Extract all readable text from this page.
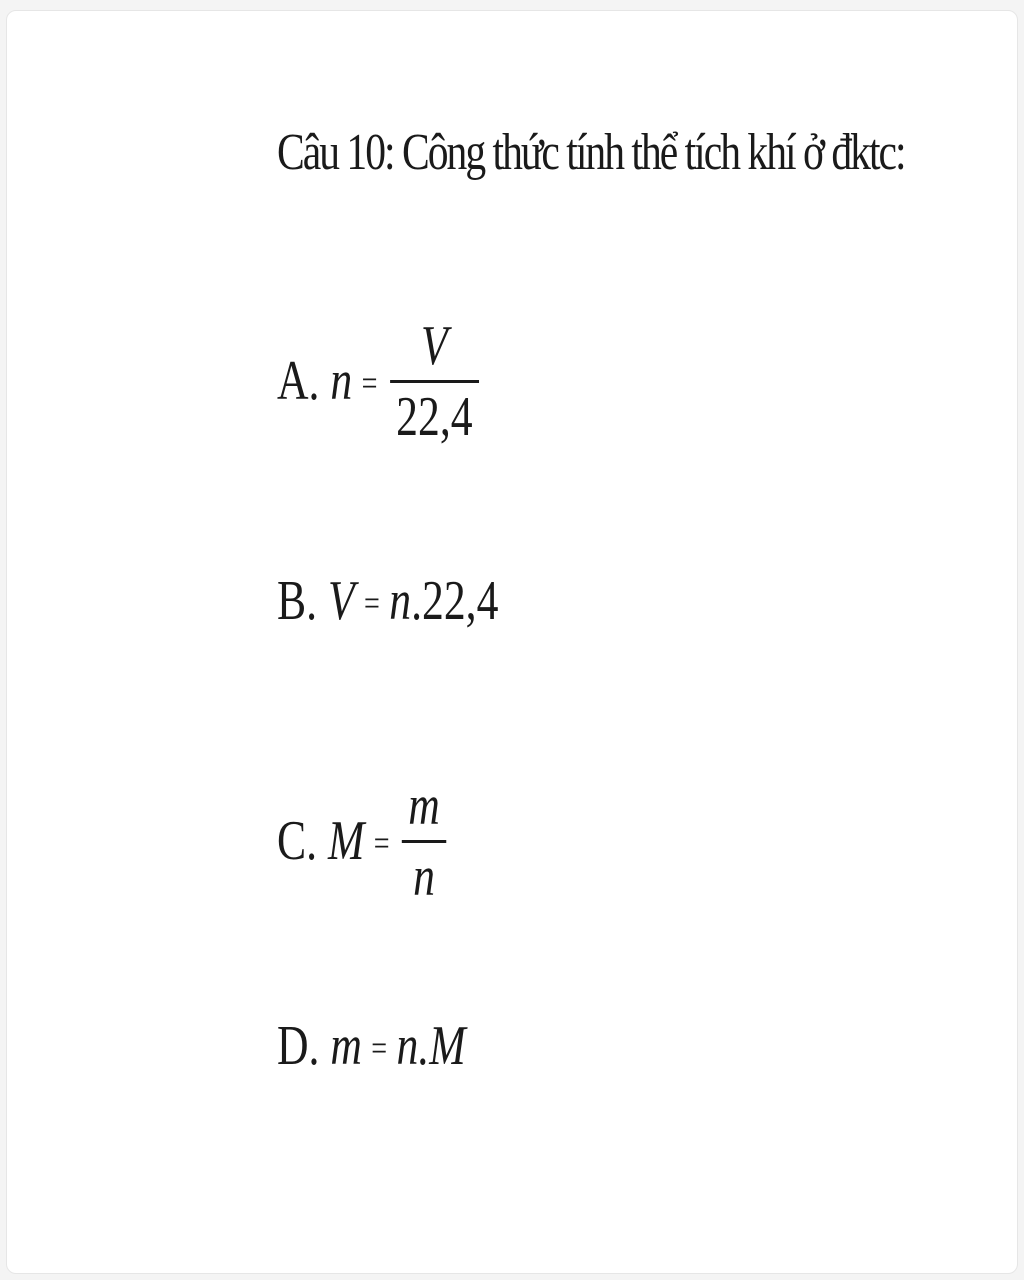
Câu 10: Công thức tính thể tích khí ở đktc:
A. $n = \frac{V}{22,4}$
B. V = n .22,4
C. $M = \frac{m}{n}$
D. m = n.M
